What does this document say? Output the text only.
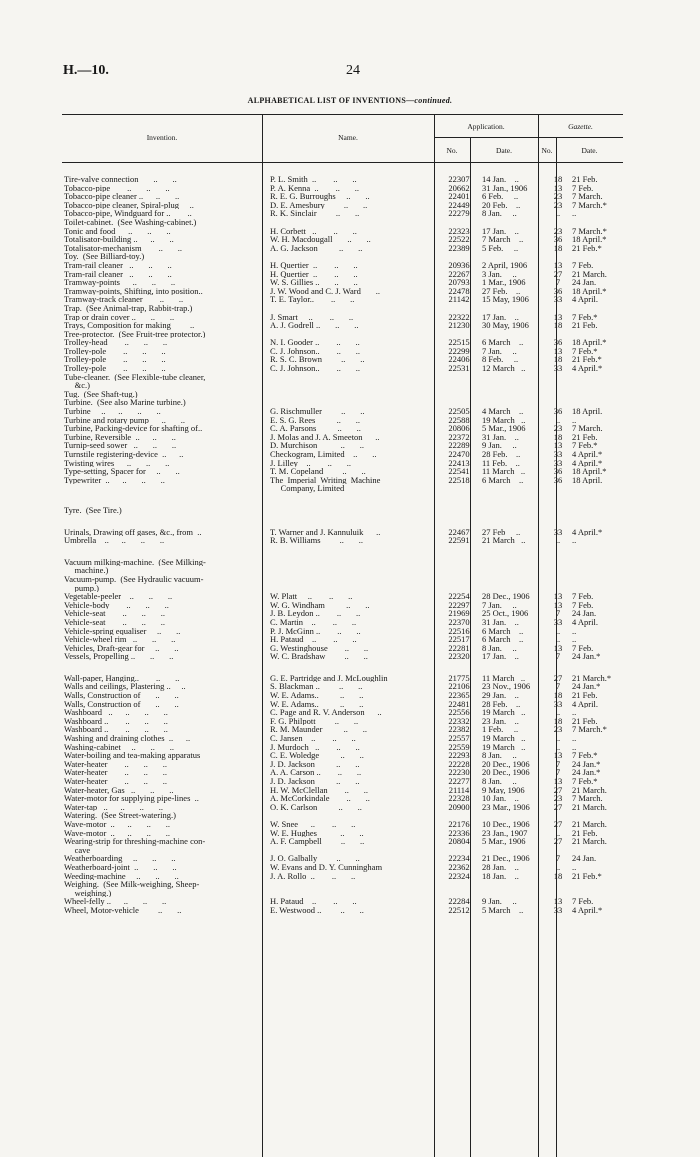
H.—10.	24
ALPHABETICAL LIST OF INVENTIONS—continued.
Invention.	Name.
Application.	Gazette.
No.	Date.	No.	Date.
Tire-valve connection       ..       ..	P. L. Smith  ..        ..       ..	22307	14 Jan.    ..	18	21 Feb.
Tobacco-pipe        ..       ..       ..	P. A. Kenna  ..        ..       ..	20662	31 Jan., 1906	13	7 Feb.
Tobacco-pipe cleaner ..      ..       ..	R. E. G. Burroughs     ..       ..	22401	6 Feb.     ..	23	7 March.
Tobacco-pipe cleaner, Spiral-plug     ..	D. E. Amesbury         ..       ..	22449	20 Feb.    ..	23	7 March.*
Tobacco-pipe, Windguard for ..        ..	R. K. Sinclair         ..       ..	22279	8 Jan.     ..	..	..
Toilet-cabinet.  (See Washing-cabinet.)					
Tonic and food      ..       ..       ..	H. Corbett   ..        ..       ..	22323	17 Jan.    ..	23	7 March.*
Totalisator-building ..      ..       ..	W. H. Macdougall       ..       ..	22522	7 March    ..	36	18 April.*
Totalisator-mechanism        ..       ..	A. G. Jackson          ..       ..	22389	5 Feb.     ..	18	21 Feb.*
Toy.  (See Billiard-toy.)					
Tram-rail cleaner   ..       ..       ..	H. Quertier  ..        ..       ..	20936	2 April, 1906	13	7 Feb.
Tram-rail cleaner   ..       ..       ..	H. Quertier  ..        ..       ..	22267	3 Jan.     ..	27	21 March.
Tramway-points      ..       ..       ..	W. S. Gillies ..       ..       ..	20793	1 Mar., 1906	7	24 Jan.
Tramway-points, Shifting, into position..	J. W. Wood and C. J. Ward       ..	22478	27 Feb.    ..	36	18 April.*
Tramway-track cleaner        ..       ..	T. E. Taylor..        ..       ..	21142	15 May, 1906	33	4 April.
Trap.  (See Animal-trap, Rabbit-trap.)					
Trap or drain cover ..       ..       ..	J. Smart     ..        ..       ..	22322	17 Jan.    ..	13	7 Feb.*
Trays, Composition for making         ..	A. J. Godrell ..       ..       ..	21230	30 May, 1906	18	21 Feb.
Tree-protector.  (See Fruit-tree protector.)					
Trolley-head        ..       ..       ..	N. I. Gooder ..        ..       ..	22515	6 March    ..	36	18 April.*
Trolley-pole        ..       ..       ..	C. J. Johnson..        ..       ..	22299	7 Jan.     ..	13	7 Feb.*
Trolley-pole        ..       ..       ..	R. S. C. Brown         ..       ..	22406	8 Feb.     ..	18	21 Feb.*
Trolley-pole        ..       ..       ..	C. J. Johnson..        ..       ..	22531	12 March   ..	33	4 April.*
Tube-cleaner.  (See Flexible-tube cleaner,					
&c.)					
Tug.  (See Shaft-tug.)					
Turbine.  (See also Marine turbine.)					
Turbine     ..      ..       ..       ..	G. Rischmuller         ..       ..	22505	4 March    ..	36	18 April.
Turbine and rotary pump      ..       ..	E. S. G. Rees          ..       ..	22588	19 March   ..	..	..
Turbine, Packing-device for shafting of..	C. A. Parsons          ..       ..	20806	5 Mar., 1906	23	7 March.
Turbine, Reversible  ..      ..       ..	J. Molas and J. A. Smeeton      ..	22372	31 Jan.    ..	18	21 Feb.
Turnip-seed sower   ..       ..       ..	D. Murchison           ..       ..	22289	9 Jan.     ..	13	7 Feb.*
Turnstile registering-device  ..      ..	Checkogram, Limited    ..       ..	22470	28 Feb.    ..	33	4 April.*
Twisting wires      ..       ..       ..	J. Lilley    ..        ..       ..	22413	11 Feb.    ..	33	4 April.*
Type-setting, Spacer for     ..       ..	T. M. Copeland         ..       ..	22541	11 March   ..	36	18 April.*
Typewriter  ..      ..       ..       ..	The  Imperial  Writing  Machine	22518	6 March    ..	36	18 April.
	Company, Limited				

Tyre.  (See Tire.)					

Urinals, Drawing off gases, &c., from  ..	T. Warner and J. Kannuluik      ..	22467	27 Feb     ..	33	4 April.*
Umbrella    ..      ..       ..       ..	R. B. Williams         ..       ..	22591	21 March   ..	..	..

Vacuum milking-machine.  (See Milking-					
machine.)					
Vacuum-pump.  (See Hydraulic vacuum-					
pump.)					
Vegetable-peeler    ..       ..       ..	W. Platt     ..        ..       ..	22254	28 Dec., 1906	13	7 Feb.
Vehicle-body        ..       ..       ..	W. G. Windham          ..       ..	22297	7 Jan.     ..	13	7 Feb.
Vehicle-seat        ..       ..       ..	J. B. Leydon ..        ..       ..	21969	25 Oct., 1906	7	24 Jan.
Vehicle-seat        ..       ..       ..	C. Martin    ..        ..       ..	22370	31 Jan.    ..	33	4 April.
Vehicle-spring equaliser     ..       ..	P. J. McGinn ..        ..       ..	22516	6 March    ..	..	..
Vehicle-wheel rim   ..       ..       ..	H. Pataud    ..        ..       ..	22517	6 March    ..	..	..
Vehicles, Draft-gear for     ..       ..	G. Westinghouse        ..       ..	22281	8 Jan.     ..	13	7 Feb.
Vessels, Propelling ..       ..       ..	W. C. Bradshaw         ..       ..	22320	17 Jan.    ..	7	24 Jan.*

Wall-paper, Hanging..        ..       ..	G. E. Partridge and J. McLoughlin	21775	11 March   ..	27	21 March.*
Walls and ceilings, Plastering ..     ..	S. Blackman ..         ..       ..	22106	23 Nov., 1906	7	24 Jan.*
Walls, Construction of       ..       ..	W. E. Adams..          ..       ..	22365	29 Jan.    ..	18	21 Feb.
Walls, Construction of       ..       ..	W. E. Adams..          ..       ..	22481	28 Feb.    ..	33	4 April.
Washboard   ..      ..       ..       ..	C. Page and R. V. Anderson      ..	22556	19 March   ..	..	..
Washboard ..        ..       ..       ..	F. G. Philpott         ..       ..	22332	23 Jan.    ..	18	21 Feb.
Washboard ..        ..       ..       ..	R. M. Maunder          ..       ..	22382	1 Feb.     ..	23	7 March.*
Washing and draining clothes  ..      ..	C. Jansen    ..        ..       ..	22557	19 March   ..	..	..
Washing-cabinet     ..       ..       ..	J. Murdoch   ..        ..       ..	22559	19 March   ..	..	..
Water-boiling and tea-making apparatus	C. E. Woledge          ..       ..	22293	8 Jan.     ..	13	7 Feb.*
Water-heater        ..       ..       ..	J. D. Jackson          ..       ..	22228	20 Dec., 1906	7	24 Jan.*
Water-heater        ..       ..       ..	A. A. Carson ..        ..       ..	22230	20 Dec., 1906	7	24 Jan.*
Water-heater        ..       ..       ..	J. D. Jackson          ..       ..	22277	8 Jan.     ..	13	7 Feb.*
Water-heater, Gas   ..       ..       ..	H. W. McClellan        ..       ..	21114	9 May, 1906	27	21 March.
Water-motor for supplying pipe-lines  ..	A. McCorkindale        ..       ..	22328	10 Jan.    ..	23	7 March.
Water-tap   ..      ..       ..       ..	O. K. Carlson          ..       ..	20900	23 Mar., 1906	27	21 March.
Watering.  (See Street-watering.)					
Wave-motor  ..      ..       ..       ..	W. Snee      ..        ..       ..	22176	10 Dec., 1906	27	21 March.
Wave-motor  ..      ..       ..       ..	W. E. Hughes           ..       ..	22336	23 Jan., 1907	..	21 Feb.
Wearing-strip for threshing-machine con-	A. F. Campbell         ..       ..	20804	5 Mar., 1906	27	21 March.
cave					
Weatherboarding     ..       ..       ..	J. O. Galbally         ..       ..	22234	21 Dec., 1906	7	24 Jan.
Weatherboard-joint  ..       ..       ..	W. Evans and D. Y. Cunningham	22362	28 Jan.    ..	..	..
Weeding-machine     ..       ..       ..	J. A. Rollo  ..        ..       ..	22324	18 Jan.    ..	18	21 Feb.*
Weighing.  (See Milk-weighing, Sheep-					
weighing.)					
Wheel-felly ..      ..       ..       ..	H. Pataud    ..        ..       ..	22284	9 Jan.     ..	13	7 Feb.
Wheel, Motor-vehicle         ..       ..	E. Westwood ..         ..       ..	22512	5 March    ..	33	4 April.*
